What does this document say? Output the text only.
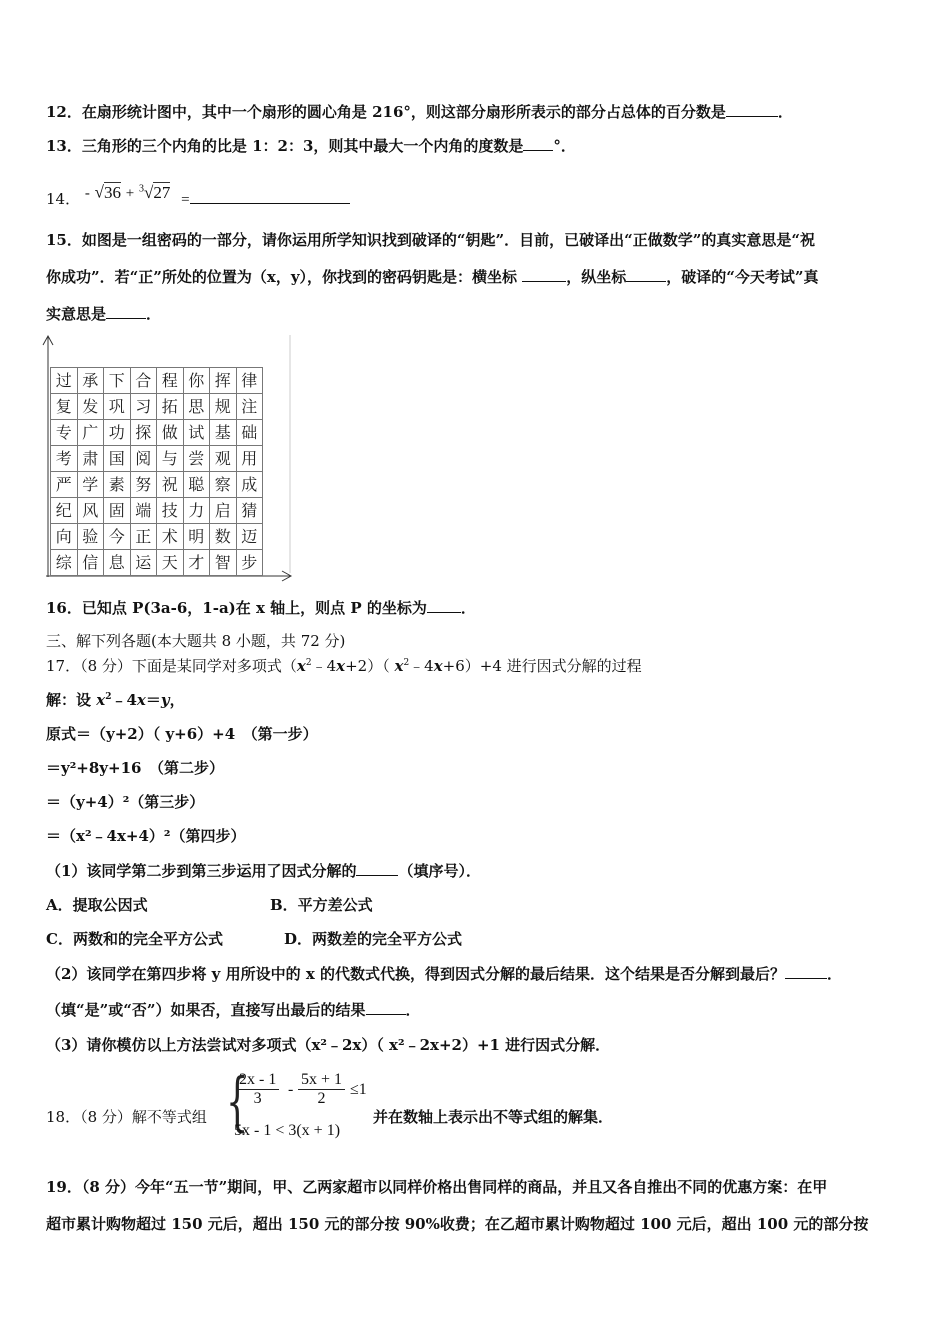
12．在扇形统计图中，其中一个扇形的圆心角是 216°，则这部分扇形所表示的部分占总体的百分数是	．
13．三角形的三个内角的比是 1：2：3，则其中最大一个内角的度数是 °．
14． - √36 + $^3$√27 =
15．如图是一组密码的一部分，请你运用所学知识找到破译的“钥匙”．目前，已破译出“正做数学”的真实意思是“祝
你成功”．若“正”所处的位置为（x，y），你找到的密码钥匙是：横坐标	，纵坐标	，破译的“今天考试”真
实意思是	．
过 承 下 合 程 你 挥 律
复 发 巩 习 拓 思 规 注
专 广 功 探 做 试 基 础
考 肃 国 阅 与 尝 观 用
严 学 素 努 祝 聪 察 成
纪 风 固 端 技 力 启 猜
向 验 今 正 术 明 数 迈
综 信 息 运 天 才 智 步
16．已知点 P(3a-6，1-a)在 x 轴上，则点 P 的坐标为 ．
三、解下列各题(本大题共 8 小题，共 72 分)
17．（8 分）下面是某同学对多项式$(x^2﹣4x+2)$（ $x^2﹣4x+6)+4$ 进行因式分解的过程
解：设 $x^2﹣4x=y$，
原式＝（y+2）（ y+6）+4　（第一步）
＝y²+8y+16　（第二步）
＝（y+4）²（第三步）
＝（x²﹣4x+4）²（第四步）
（1）该同学第二步到第三步运用了因式分解的	（填序号）．
A．提取公因式	B．平方差公式
C．两数和的完全平方公式	D．两数差的完全平方公式
（2）该同学在第四步将 y 用所设中的 x 的代数式代换，得到因式分解的最后结果．这个结果是否分解到最后？	．
（填“是”或“否”）如果否，直接写出最后的结果	．
（3）请你模仿以上方法尝试对多项式（x²﹣2x）（ x²﹣2x+2）+1 进行因式分解．
18．（8 分）解不等式组 {
$\frac{2x - 1}{3} - \frac{5x + 1}{2} \le 1$
5x - 1 < 3(x + 1)
并在数轴上表示出不等式组的解集．
19．（8 分）今年“五一节”期间，甲、乙两家超市以同样价格出售同样的商品，并且又各自推出不同的优惠方案：在甲
超市累计购物超过 150 元后，超出 150 元的部分按 90%收费；在乙超市累计购物超过 100 元后，超出 100 元的部分按
